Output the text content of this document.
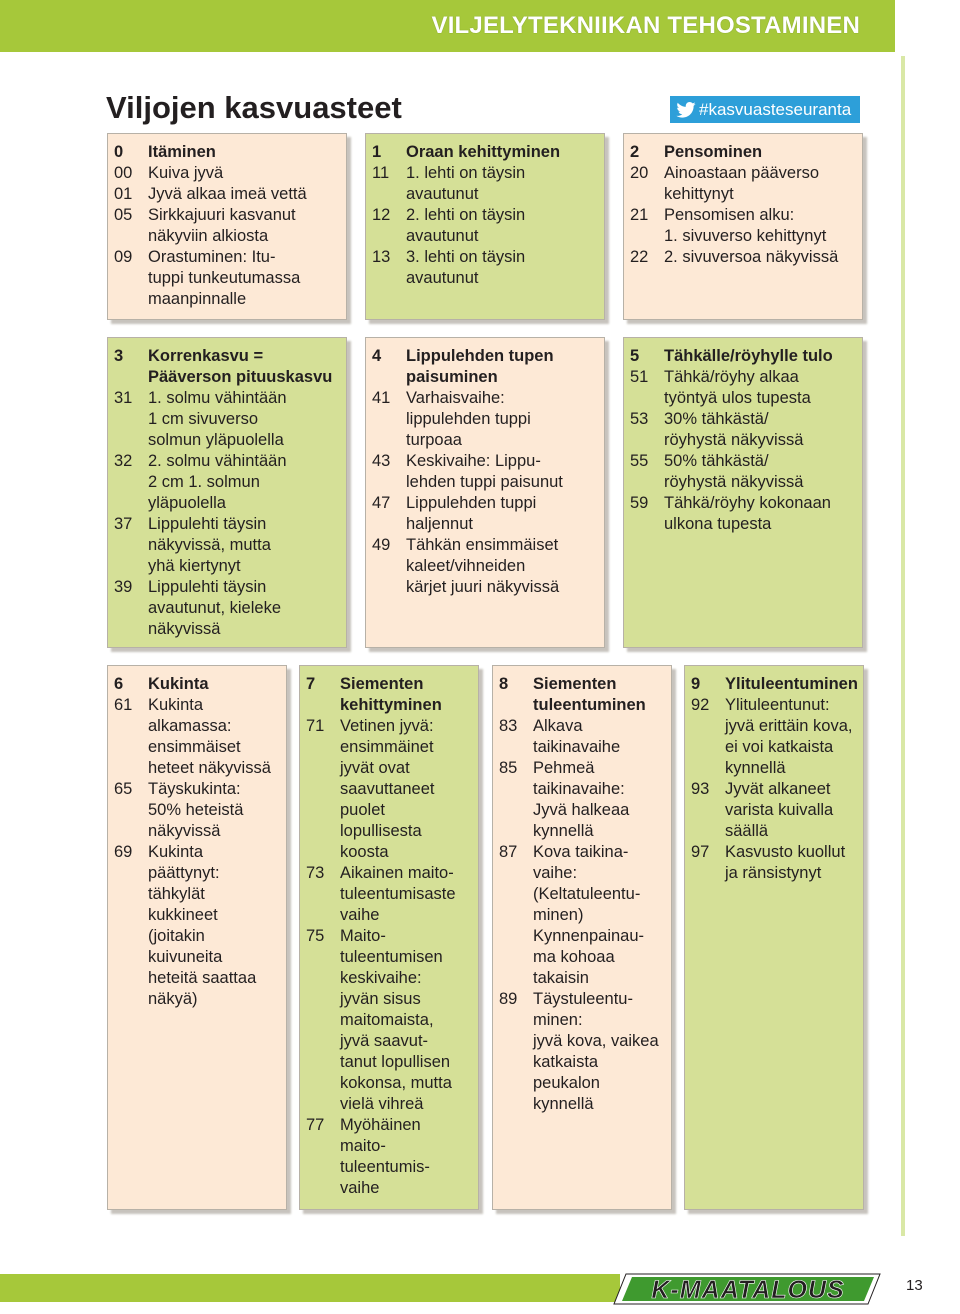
VILJELYTEKNIIKAN TEHOSTAMINEN
Viljojen kasvuasteet	#kasvuasteseuranta
0	Itäminen
00 Kuiva jyvä
01 Jyvä alkaa imeä vettä
05 Sirkkajuuri kasvanut
näkyviin alkiosta
09 Orastuminen: Itu-
tuppi tunkeutumassa
maanpinnalle
1	Oraan kehittyminen
11	1. lehti on täysin
avautunut
12 2. lehti on täysin
avautunut
13 3. lehti on täysin
avautunut
2	Pensominen
20 Ainoastaan pääverso
kehittynyt
21 Pensomisen alku:
1. sivuverso kehittynyt
22 2. sivuversoa näkyvissä
3	Korrenkasvu =
Pääverson pituuskasvu
31 1. solmu vähintään
1 cm sivuverso
solmun yläpuolella
32 2. solmu vähintään
2 cm 1. solmun
yläpuolella
37 Lippulehti täysin
näkyvissä, mutta
yhä kiertynyt
39 Lippulehti täysin
avautunut, kieleke
näkyvissä
4	Lippulehden tupen
paisuminen
41 Varhaisvaihe:
lippulehden tuppi
turpoaa
43 Keskivaihe: Lippu-
lehden tuppi paisunut
47 Lippulehden tuppi
haljennut
49 Tähkän ensimmäiset
kaleet/vihneiden
kärjet juuri näkyvissä
5	Tähkälle/röyhylle tulo
51 Tähkä/röyhy alkaa
työntyä ulos tupesta
53 30% tähkästä/
röyhystä näkyvissä
55 50% tähkästä/
röyhystä näkyvissä
59 Tähkä/röyhy kokonaan
ulkona tupesta
6	Kukinta
61 Kukinta
alkamassa:
ensimmäiset
heteet näkyvissä
65 Täyskukinta:
50% heteistä
näkyvissä
69 Kukinta
päättynyt:
tähkylät
kukkineet
(joitakin
kuivuneita
heteitä saattaa
näkyä)
7	Siementen
kehittyminen
71 Vetinen jyvä:
ensimmäinet
jyvät ovat
saavuttaneet
puolet
lopullisesta
koosta
73 Aikainen maito-
tuleentumisaste
vaihe
75 Maito-
tuleentumisen
keskivaihe:
jyvän sisus
maitomaista,
jyvä saavut-
tanut lopullisen
kokonsa, mutta
vielä vihreä
77 Myöhäinen
maito-
tuleentumis-
vaihe
8	Siementen
tuleentuminen
83 Alkava
taikinavaihe
85 Pehmeä
taikinavaihe:
Jyvä halkeaa
kynnellä
87 Kova taikina-
vaihe:
(Keltatuleentu-
minen)
Kynnenpainau-
ma kohoaa
takaisin
89 Täystuleentu-
minen:
jyvä kova, vaikea
katkaista
peukalon
kynnellä
9	Ylituleentuminen
92 Ylituleentunut:
jyvä erittäin kova,
ei voi katkaista
kynnellä
93 Jyvät alkaneet
varista kuivalla
säällä
97 Kasvusto kuollut
ja ränsistynyt
K-MAATALOUS	13
